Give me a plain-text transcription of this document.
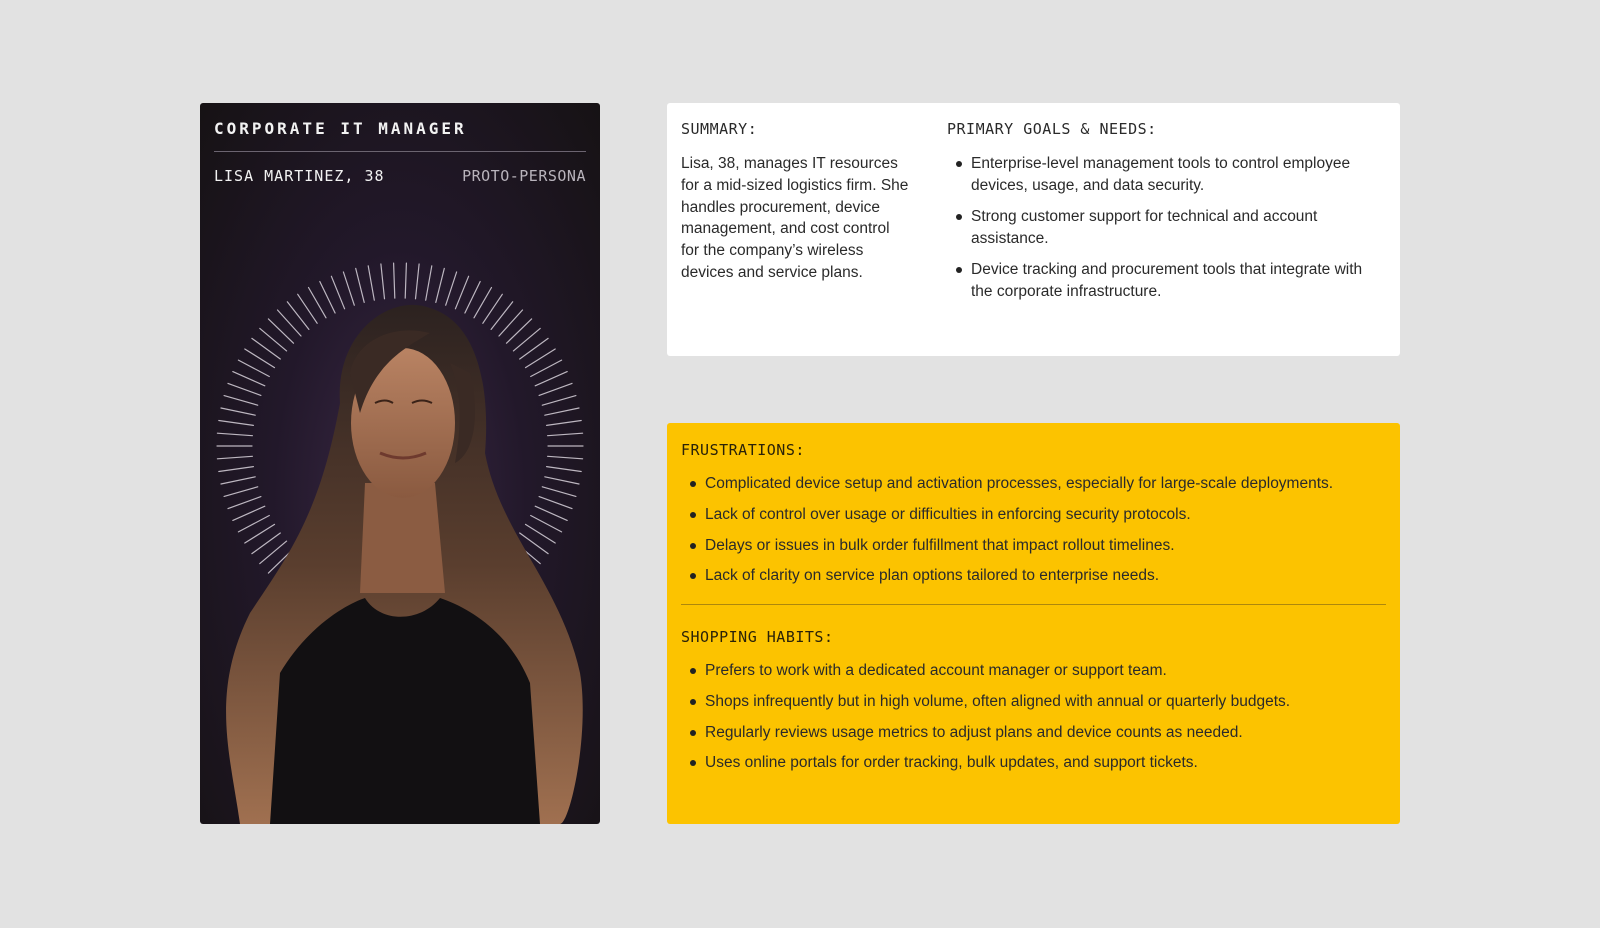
CORPORATE IT MANAGER
LISA MARTINEZ, 38	PROTO-PERSONA
SUMMARY:

Lisa, 38, manages IT resources for a mid-sized logistics firm. She handles procurement, device management, and cost control for the company’s wireless devices and service plans.

PRIMARY GOALS & NEEDS:
Enterprise-level management tools to control employee devices, usage, and data security.
Strong customer support for technical and account assistance.
Device tracking and procurement tools that integrate with the corporate infrastructure.
FRUSTRATIONS:
Complicated device setup and activation processes, especially for large-scale deployments.
Lack of control over usage or difficulties in enforcing security protocols.
Delays or issues in bulk order fulfillment that impact rollout timelines.
Lack of clarity on service plan options tailored to enterprise needs.
SHOPPING HABITS:
Prefers to work with a dedicated account manager or support team.
Shops infrequently but in high volume, often aligned with annual or quarterly budgets.
Regularly reviews usage metrics to adjust plans and device counts as needed.
Uses online portals for order tracking, bulk updates, and support tickets.
